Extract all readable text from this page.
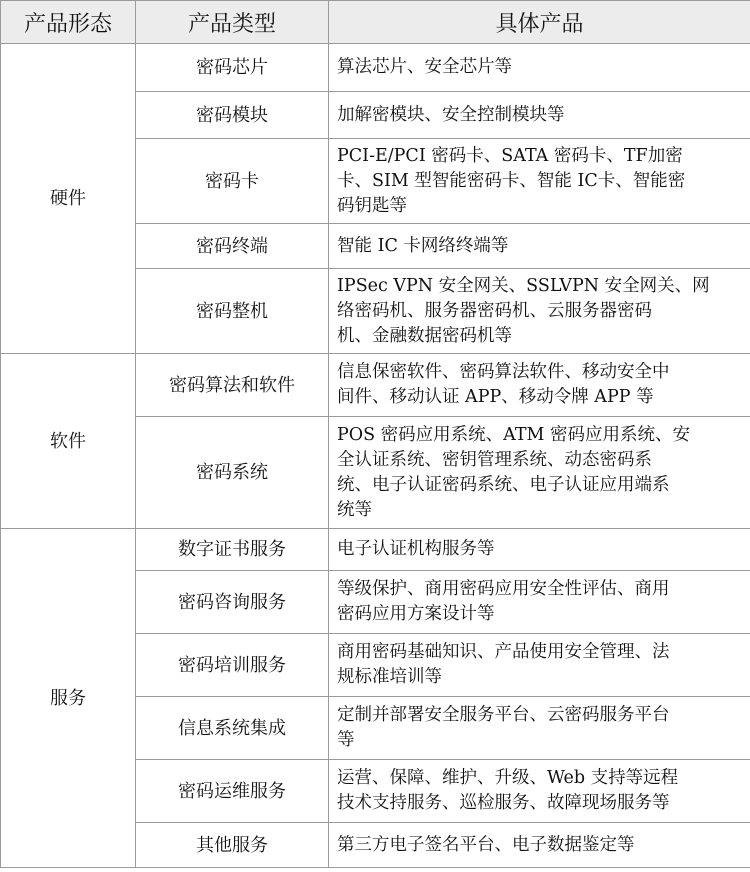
产品形态	产品类型	具体产品
硬件	密码芯片	算法芯片、安全芯片等

	密码模块	加解密模块、安全控制模块等

	密码卡	PCI-E/PCI 密码卡、SATA 密码卡、TF加密
卡、SIM 型智能密码卡、智能 IC卡、智能密
码钥匙等

	密码终端	智能 IC 卡网络终端等

	密码整机	IPSec VPN 安全网关、SSLVPN 安全网关、网
络密码机、服务器密码机、云服务器密码
机、金融数据密码机等

软件	密码算法和软件	信息保密软件、密码算法软件、移动安全中
间件、移动认证 APP、移动令牌 APP 等

	密码系统	POS 密码应用系统、ATM 密码应用系统、安
全认证系统、密钥管理系统、动态密码系
统、电子认证密码系统、电子认证应用端系
统等

服务	数字证书服务	电子认证机构服务等

	密码咨询服务	等级保护、商用密码应用安全性评估、商用
密码应用方案设计等

	密码培训服务	商用密码基础知识、产品使用安全管理、法
规标准培训等

	信息系统集成	定制并部署安全服务平台、云密码服务平台
等

	密码运维服务	运营、保障、维护、升级、Web 支持等远程
技术支持服务、巡检服务、故障现场服务等

	其他服务	第三方电子签名平台、电子数据鉴定等
